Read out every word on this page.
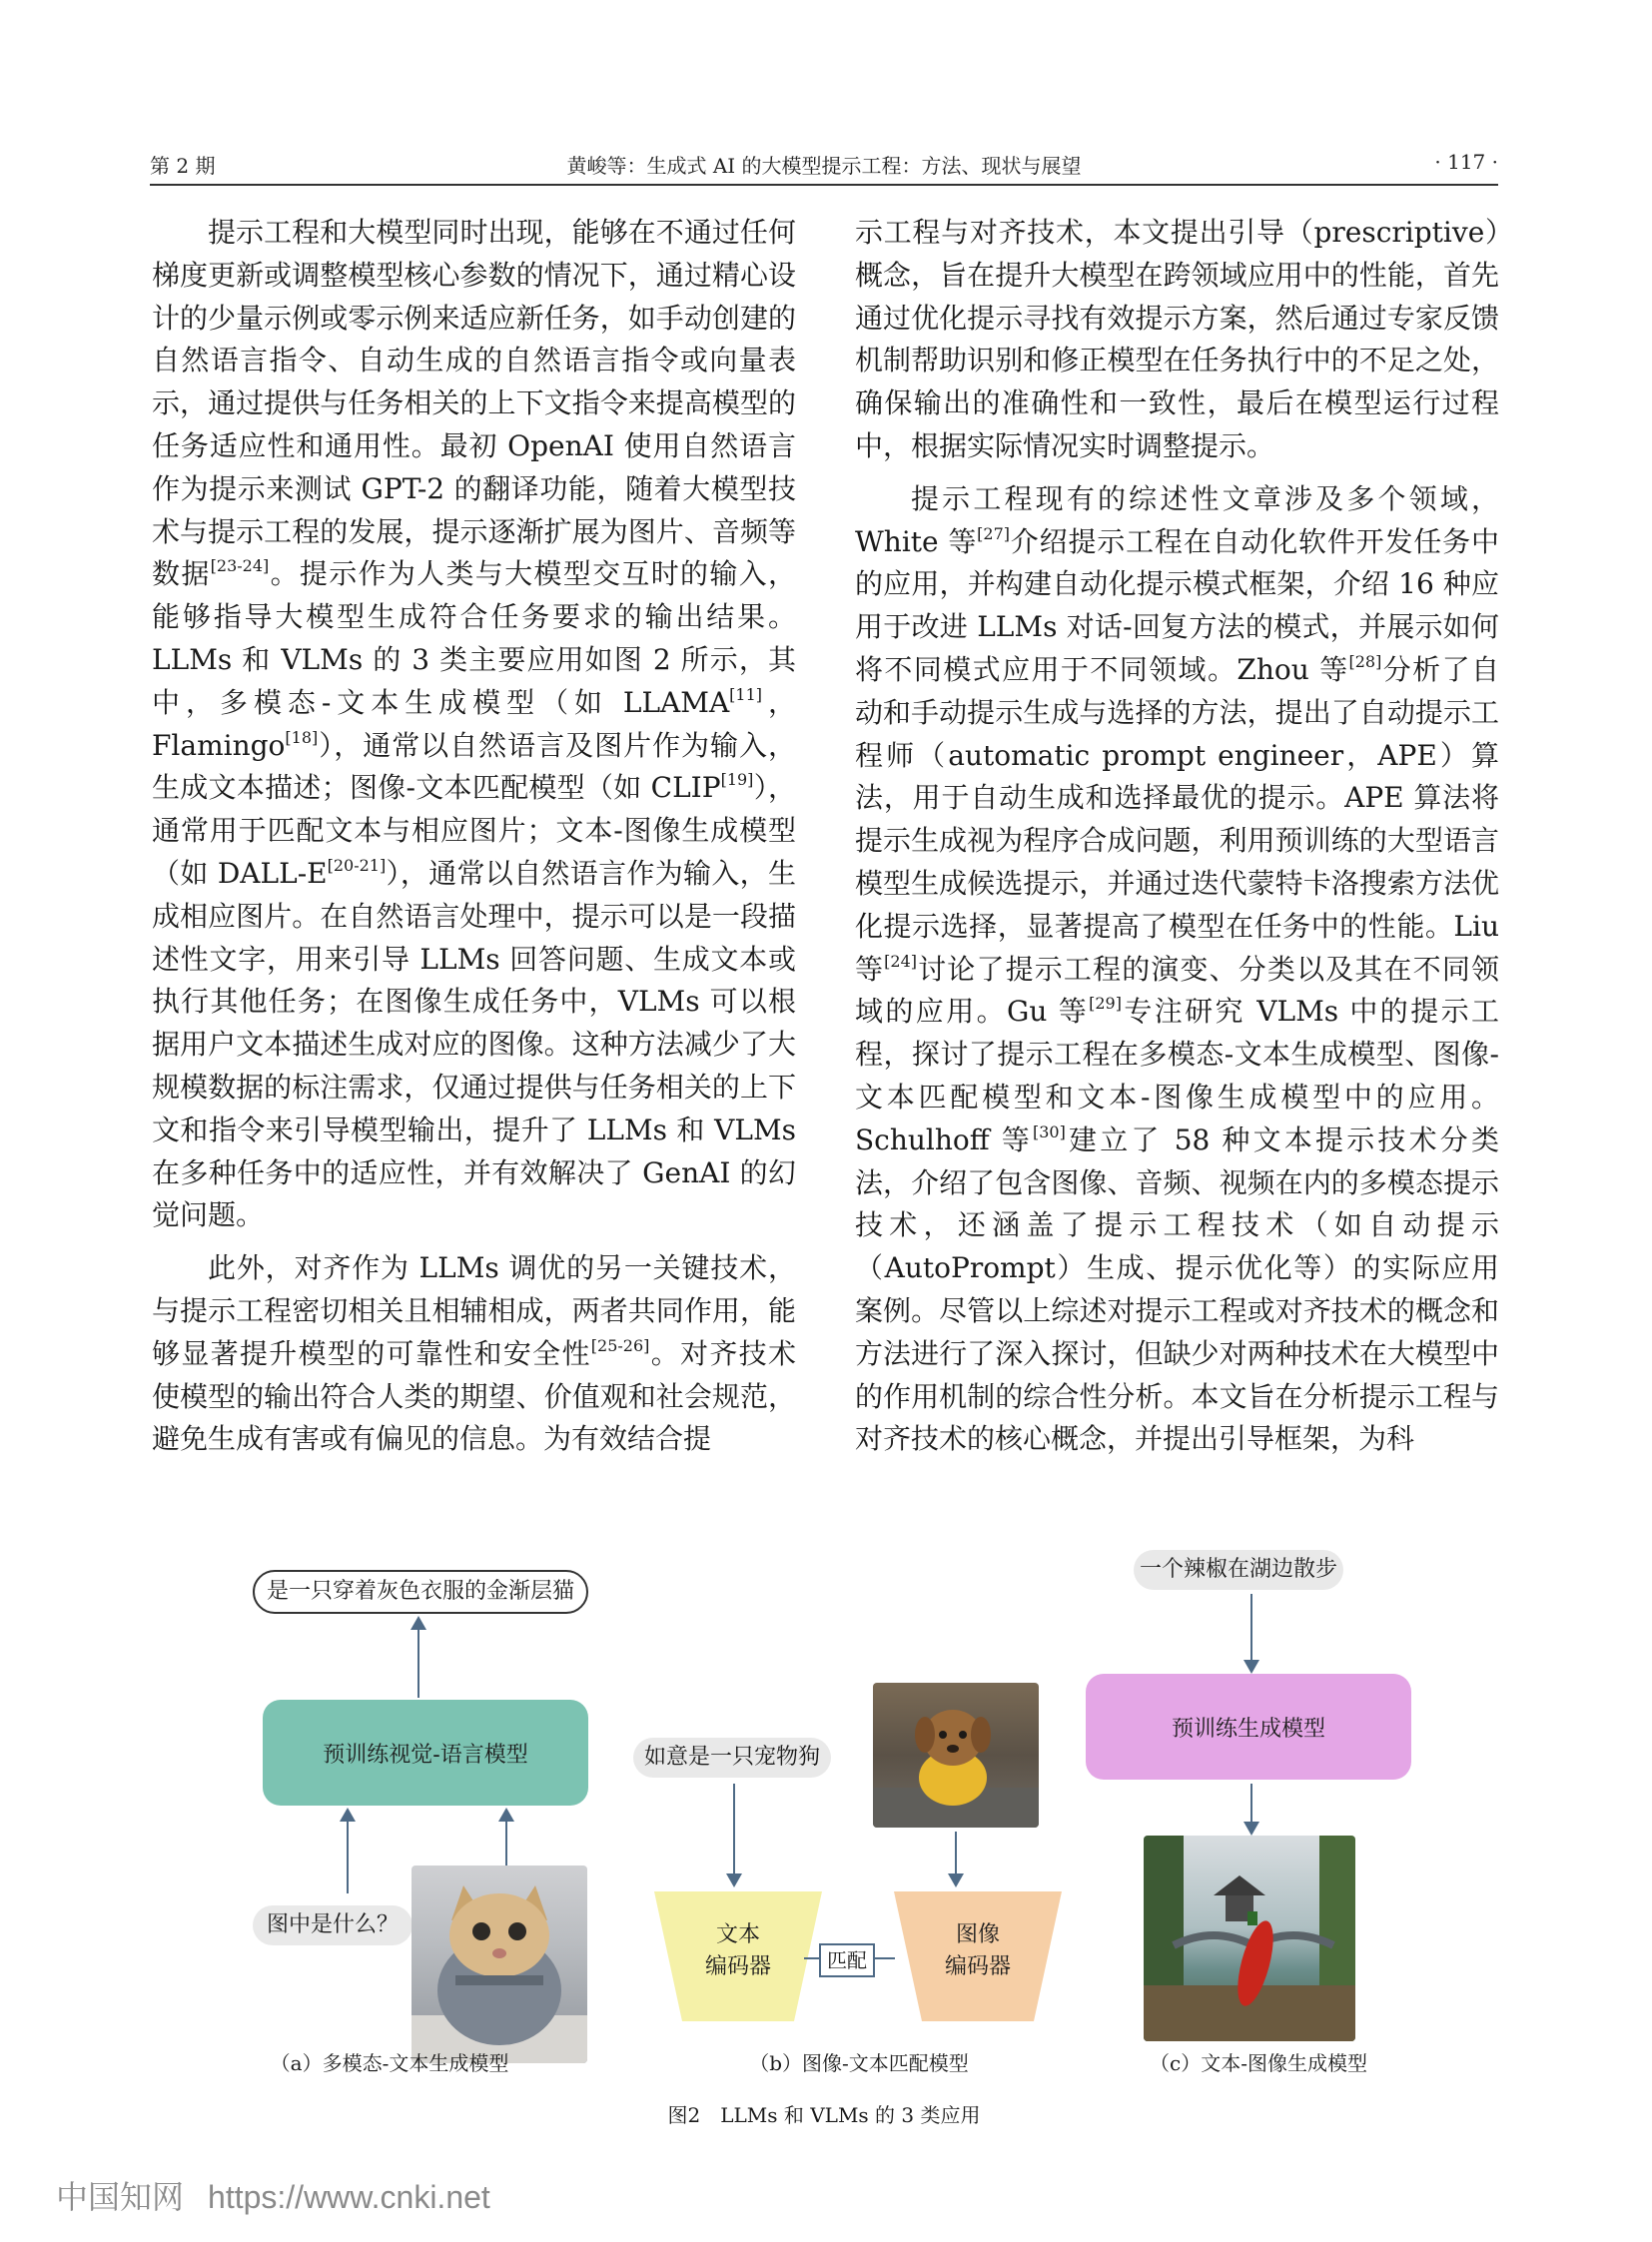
第 2 期	黄峻等：生成式 AI 的大模型提示工程：方法、现状与展望	· 117 ·

提示工程和大模型同时出现，能够在不通过任何梯度更新或调整模型核心参数的情况下，通过精心设计的少量示例或零示例来适应新任务，如手动创建的自然语言指令、自动生成的自然语言指令或向量表示，通过提供与任务相关的上下文指令来提高模型的任务适应性和通用性。最初 OpenAI 使用自然语言作为提示来测试 GPT-2 的翻译功能，随着大模型技术与提示工程的发展，提示逐渐扩展为图片、音频等数据[23-24]。提示作为人类与大模型交互时的输入，能够指导大模型生成符合任务要求的输出结果。LLMs 和 VLMs 的 3 类主要应用如图 2 所示，其中，多模态-文本生成模型（如 LLAMA[11]，Flamingo[18]），通常以自然语言及图片作为输入，生成文本描述；图像-文本匹配模型（如 CLIP[19]），通常用于匹配文本与相应图片；文本-图像生成模型（如 DALL-E[20-21]），通常以自然语言作为输入，生成相应图片。在自然语言处理中，提示可以是一段描述性文字，用来引导 LLMs 回答问题、生成文本或执行其他任务；在图像生成任务中，VLMs 可以根据用户文本描述生成对应的图像。这种方法减少了大规模数据的标注需求，仅通过提供与任务相关的上下文和指令来引导模型输出，提升了 LLMs 和 VLMs 在多种任务中的适应性，并有效解决了 GenAI 的幻觉问题。

此外，对齐作为 LLMs 调优的另一关键技术，与提示工程密切相关且相辅相成，两者共同作用，能够显著提升模型的可靠性和安全性[25-26]。对齐技术使模型的输出符合人类的期望、价值观和社会规范，避免生成有害或有偏见的信息。为有效结合提

示工程与对齐技术，本文提出引导（prescriptive）概念，旨在提升大模型在跨领域应用中的性能，首先通过优化提示寻找有效提示方案，然后通过专家反馈机制帮助识别和修正模型在任务执行中的不足之处，确保输出的准确性和一致性，最后在模型运行过程中，根据实际情况实时调整提示。

提示工程现有的综述性文章涉及多个领域，White 等[27]介绍提示工程在自动化软件开发任务中的应用，并构建自动化提示模式框架，介绍 16 种应用于改进 LLMs 对话-回复方法的模式，并展示如何将不同模式应用于不同领域。Zhou 等[28]分析了自动和手动提示生成与选择的方法，提出了自动提示工程师（automatic prompt engineer，APE）算法，用于自动生成和选择最优的提示。APE 算法将提示生成视为程序合成问题，利用预训练的大型语言模型生成候选提示，并通过迭代蒙特卡洛搜索方法优化提示选择，显著提高了模型在任务中的性能。Liu 等[24]讨论了提示工程的演变、分类以及其在不同领域的应用。Gu 等[29]专注研究 VLMs 中的提示工程，探讨了提示工程在多模态-文本生成模型、图像-文本匹配模型和文本-图像生成模型中的应用。Schulhoff 等[30]建立了 58 种文本提示技术分类法，介绍了包含图像、音频、视频在内的多模态提示技术，还涵盖了提示工程技术（如自动提示（AutoPrompt）生成、提示优化等）的实际应用案例。尽管以上综述对提示工程或对齐技术的概念和方法进行了深入探讨，但缺少对两种技术在大模型中的作用机制的综合性分析。本文旨在分析提示工程与对齐技术的核心概念，并提出引导框架，为科

是一只穿着灰色衣服的金渐层猫
预训练视觉-语言模型
图中是什么？
（a）多模态-文本生成模型
如意是一只宠物狗
文本
编码器	匹配
图像
编码器
（b）图像-文本匹配模型
一个辣椒在湖边散步
预训练生成模型
（c）文本-图像生成模型
图2　LLMs 和 VLMs 的 3 类应用
中国知网 https://www.cnki.net
